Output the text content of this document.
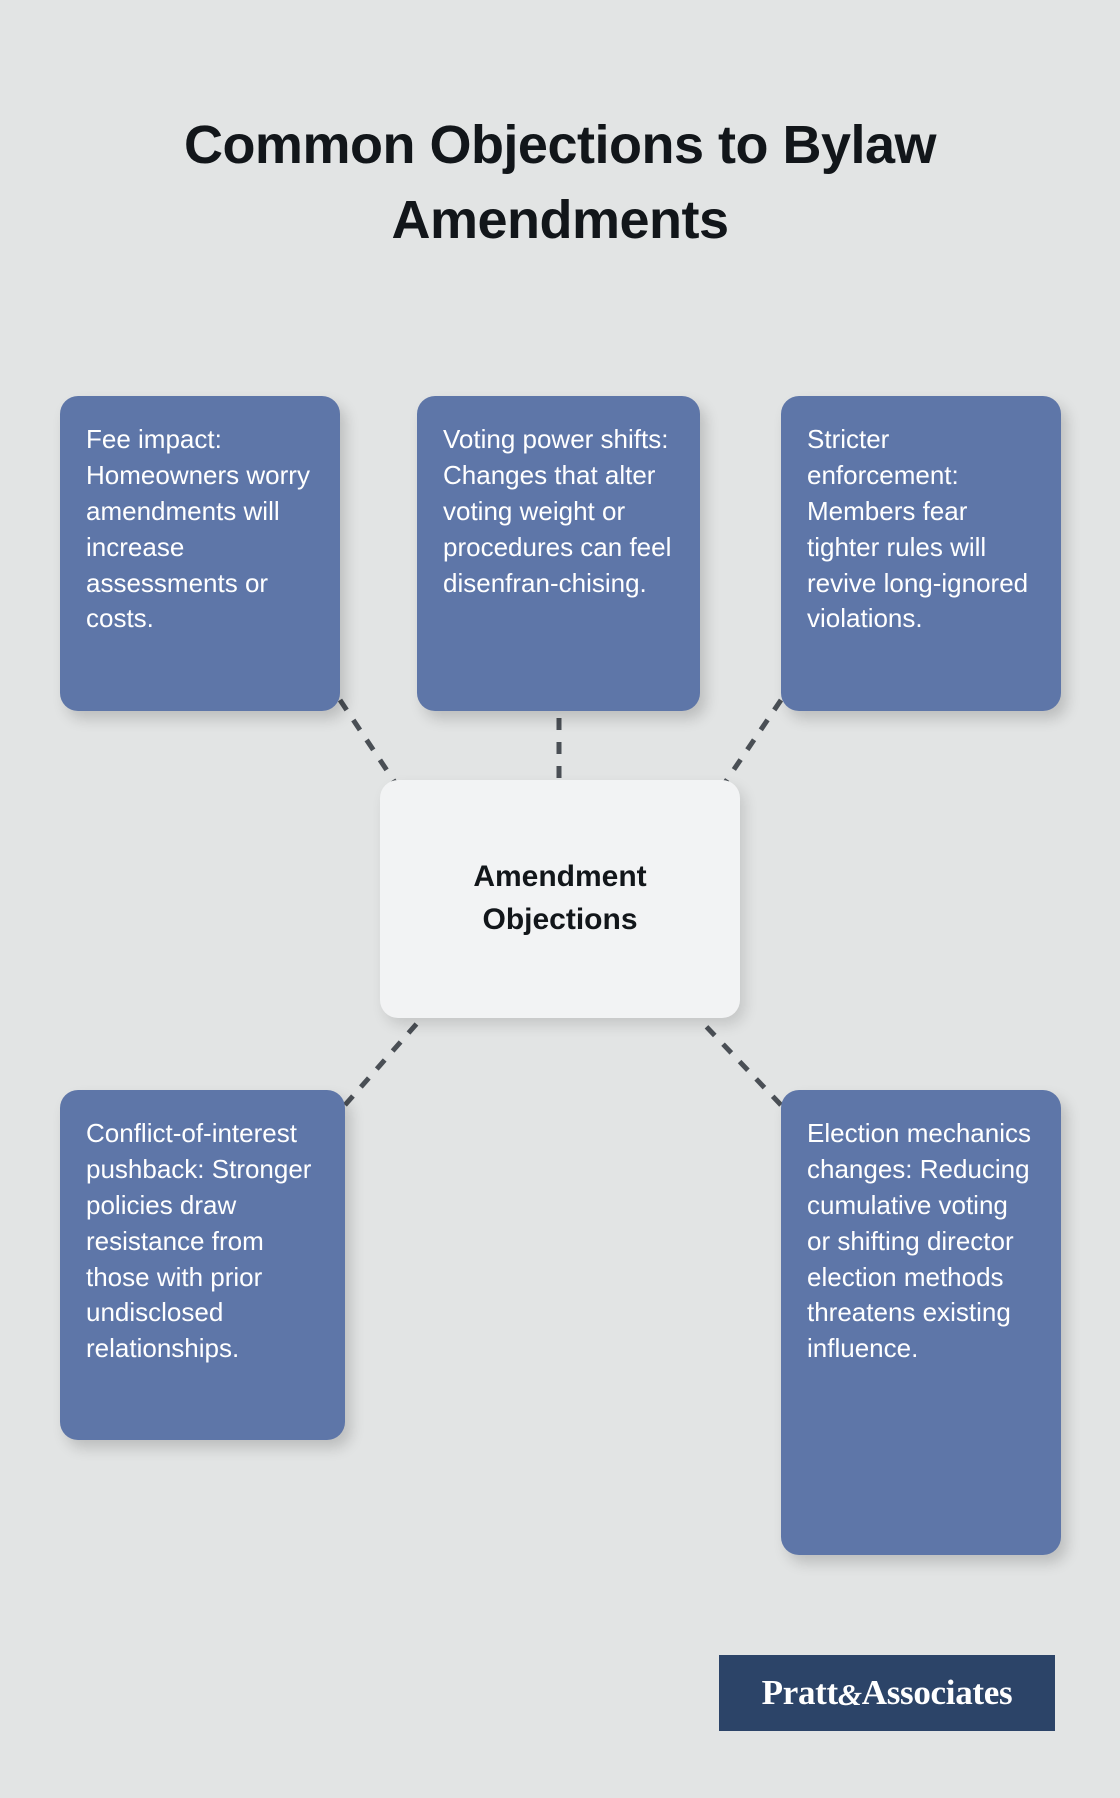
Common Objections to Bylaw Amendments
Fee impact: Homeowners worry amendments will increase assessments or costs.
Voting power shifts: Changes that alter voting weight or procedures can feel disenfran-chising.
Stricter enforcement: Members fear tighter rules will revive long-ignored violations.
Conflict-of-interest pushback: Stronger policies draw resistance from those with prior undisclosed relationships.
Election mechanics changes: Reducing cumulative voting or shifting director election methods threatens existing influence.
Amendment Objections
Pratt&Associates
